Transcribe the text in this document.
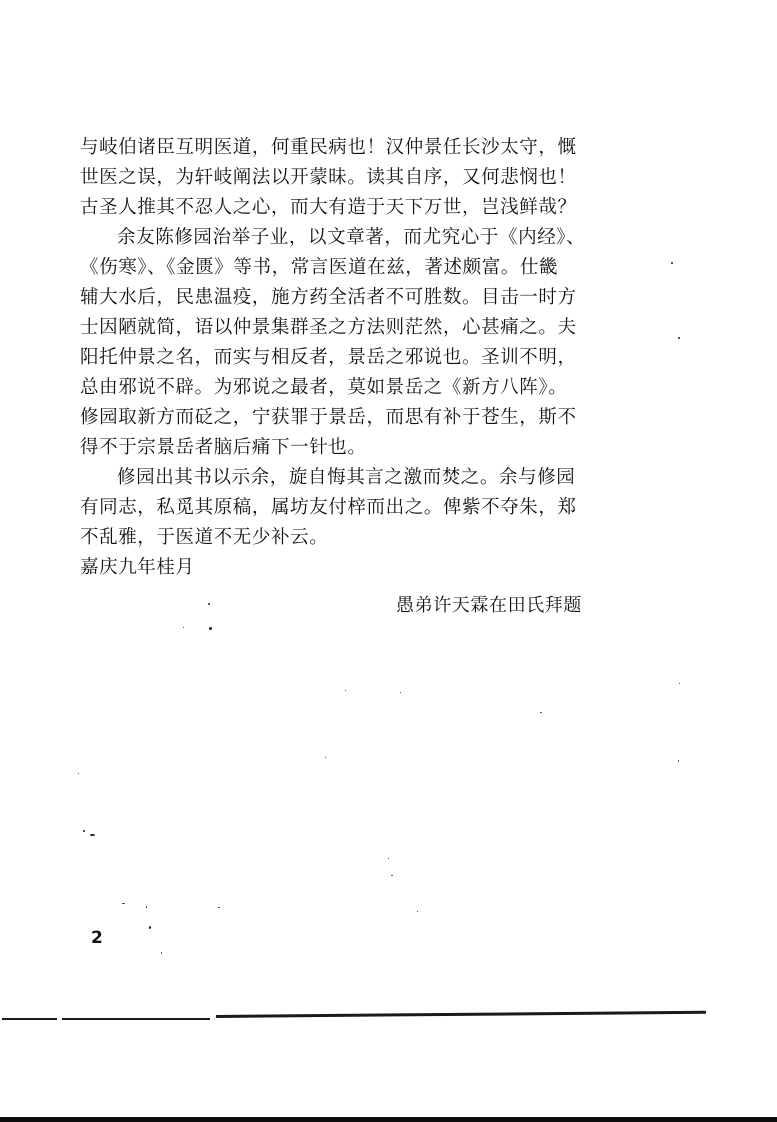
与岐伯诸臣互明医道，何重民病也！汉仲景任长沙太守，慨
世医之误，为轩岐阐法以开蒙昧。读其自序，又何悲悯也！
古圣人推其不忍人之心，而大有造于天下万世，岂浅鲜哉？
余友陈修园治举子业，以文章著，而尤究心于《内经》、
《伤寒》、《金匮》等书，常言医道在兹，著述颇富。仕畿
辅大水后，民患温疫，施方药全活者不可胜数。目击一时方
士因陋就简，语以仲景集群圣之方法则茫然，心甚痛之。夫
阳托仲景之名，而实与相反者，景岳之邪说也。圣训不明，
总由邪说不辟。为邪说之最者，莫如景岳之《新方八阵》。
修园取新方而砭之，宁获罪于景岳，而思有补于苍生，斯不
得不于宗景岳者脑后痛下一针也。
修园出其书以示余，旋自悔其言之激而焚之。余与修园
有同志，私觅其原稿，属坊友付梓而出之。俾紫不夺朱，郑
不乱雅，于医道不无少补云。
嘉庆九年桂月
愚弟许天霖在田氏拜题
2
